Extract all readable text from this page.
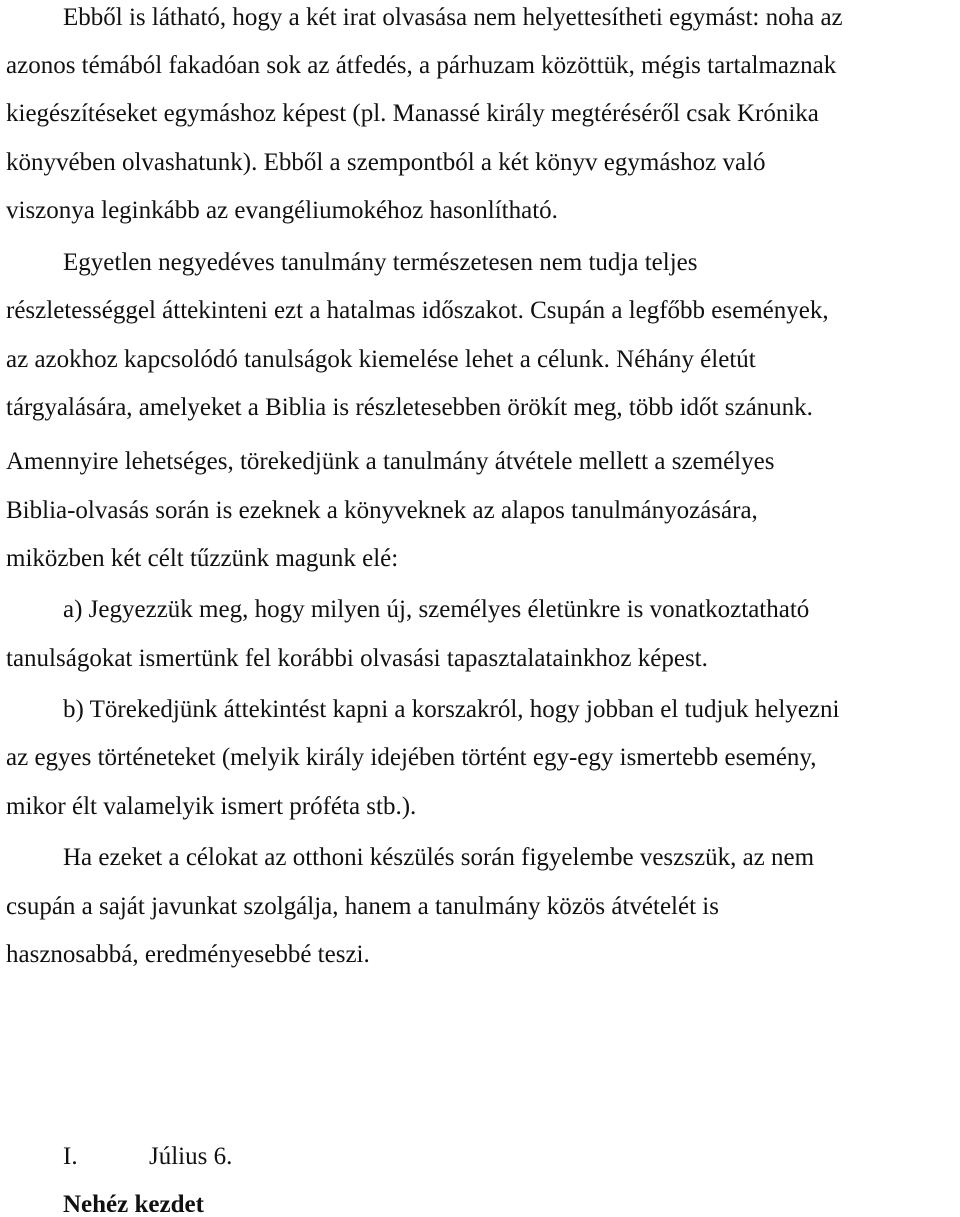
Ebből is látható, hogy a két irat olvasása nem helyettesítheti egymást: noha az
azonos témából fakadóan sok az átfedés, a párhuzam közöttük, mégis tartalmaznak
kiegészítéseket egymáshoz képest (pl. Manassé király megtéréséről csak Krónika
könyvében olvashatunk). Ebből a szempontból a két könyv egymáshoz való
viszonya leginkább az evangéliumokéhoz hasonlítható.
Egyetlen negyedéves tanulmány természetesen nem tudja teljes
részletességgel áttekinteni ezt a hatalmas időszakot. Csupán a legfőbb események,
az azokhoz kapcsolódó tanulságok kiemelése lehet a célunk. Néhány életút
tárgyalására, amelyeket a Biblia is részletesebben örökít meg, több időt szánunk.
Amennyire lehetséges, törekedjünk a tanulmány átvétele mellett a személyes
Biblia-olvasás során is ezeknek a könyveknek az alapos tanulmányozására,
miközben két célt tűzzünk magunk elé:
a) Jegyezzük meg, hogy milyen új, személyes életünkre is vonatkoztatható
tanulságokat ismertünk fel korábbi olvasási tapasztalatainkhoz képest.
b) Törekedjünk áttekintést kapni a korszakról, hogy jobban el tudjuk helyezni
az egyes történeteket (melyik király idejében történt egy-egy ismertebb esemény,
mikor élt valamelyik ismert próféta stb.).
Ha ezeket a célokat az otthoni készülés során figyelembe veszszük, az nem
csupán a saját javunkat szolgálja, hanem a tanulmány közös átvételét is
hasznosabbá, eredményesebbé teszi.
I.	Július 6.
Nehéz kezdet
